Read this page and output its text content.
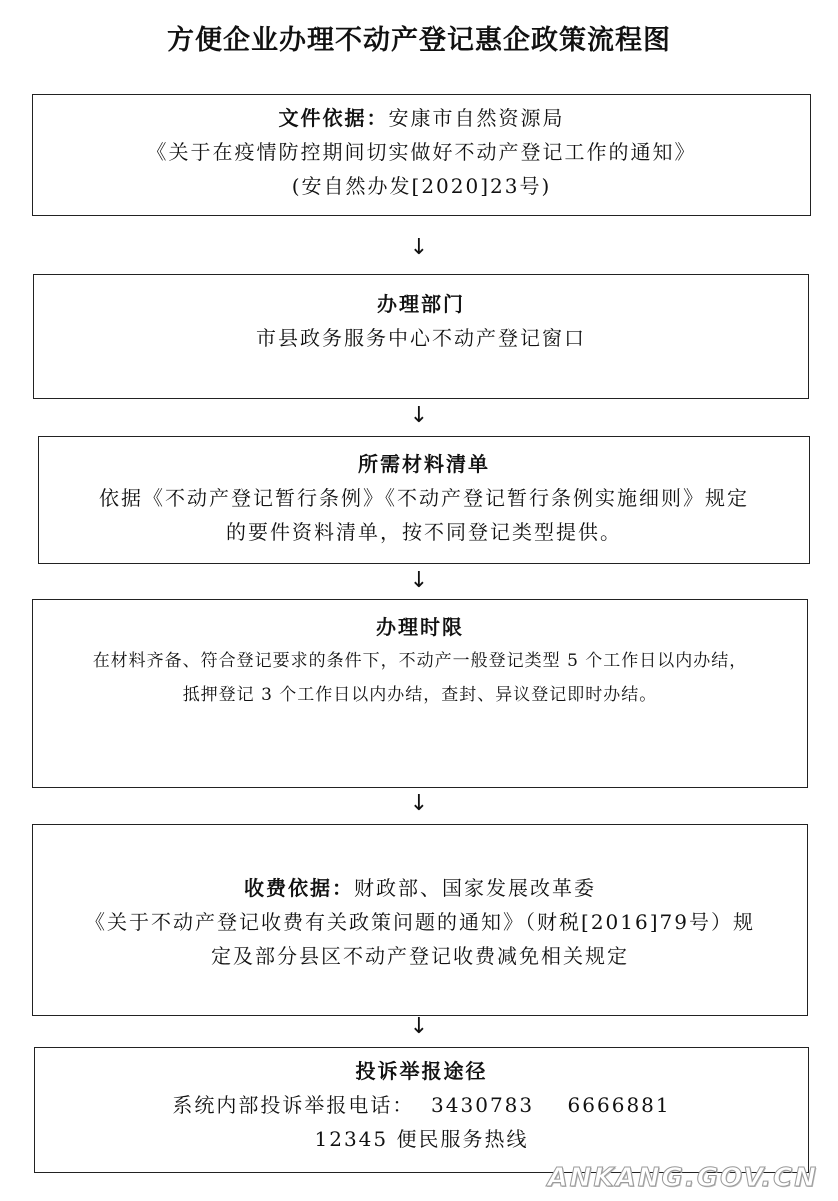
方便企业办理不动产登记惠企政策流程图
文件依据：安康市自然资源局
《关于在疫情防控期间切实做好不动产登记工作的通知》
(安自然办发[2020]23号)
↓
办理部门
市县政务服务中心不动产登记窗口
↓
所需材料清单
依据《不动产登记暂行条例》《不动产登记暂行条例实施细则》规定
的要件资料清单，按不同登记类型提供。
↓
办理时限
在材料齐备、符合登记要求的条件下，不动产一般登记类型 5 个工作日以内办结，
抵押登记 3 个工作日以内办结，查封、异议登记即时办结。
↓
收费依据：财政部、国家发展改革委
《关于不动产登记收费有关政策问题的通知》（财税[2016]79号）规
定及部分县区不动产登记收费减免相关规定
↓
投诉举报途径
系统内部投诉举报电话：  3430783    6666881
12345 便民服务热线
ANKANG.GOV.CN
